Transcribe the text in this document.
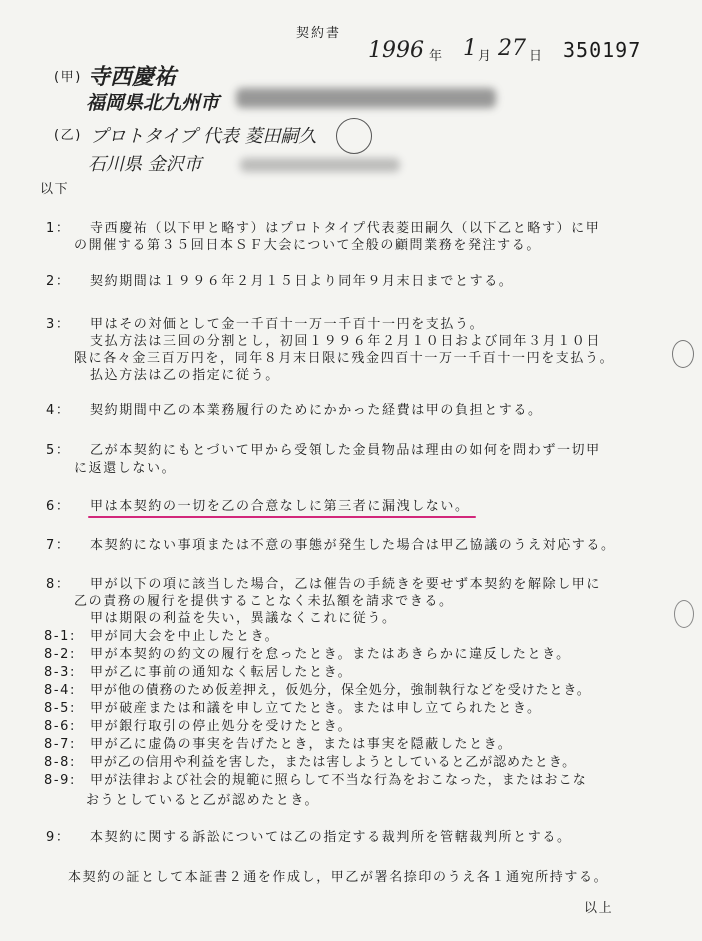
契約書
1996 年 1 月 27 日 350197
(甲) 寺西慶祐
福岡県北九州市
(乙) プロトタイプ 代表 菱田嗣久
石川県 金沢市
以下
1： 寺西慶祐（以下甲と略す）はプロトタイプ代表菱田嗣久（以下乙と略す）に甲
の開催する第３５回日本ＳＦ大会について全般の顧問業務を発注する。
2： 契約期間は１９９６年２月１５日より同年９月末日までとする。
3： 甲はその対価として金一千百十一万一千百十一円を支払う。
支払方法は三回の分割とし，初回１９９６年２月１０日および同年３月１０日
限に各々金三百万円を，同年８月末日限に残金四百十一万一千百十一円を支払う。
払込方法は乙の指定に従う。
4： 契約期間中乙の本業務履行のためにかかった経費は甲の負担とする。
5： 乙が本契約にもとづいて甲から受領した金員物品は理由の如何を問わず一切甲
に返還しない。
6： 甲は本契約の一切を乙の合意なしに第三者に漏洩しない。
7： 本契約にない事項または不意の事態が発生した場合は甲乙協議のうえ対応する。
8： 甲が以下の項に該当した場合，乙は催告の手続きを要せず本契約を解除し甲に
乙の責務の履行を提供することなく未払額を請求できる。
甲は期限の利益を失い，異議なくこれに従う。
8-1: 甲が同大会を中止したとき。
8-2: 甲が本契約の約文の履行を怠ったとき。またはあきらかに違反したとき。
8-3: 甲が乙に事前の通知なく転居したとき。
8-4: 甲が他の債務のため仮差押え，仮処分，保全処分，強制執行などを受けたとき。
8-5: 甲が破産または和議を申し立てたとき。または申し立てられたとき。
8-6: 甲が銀行取引の停止処分を受けたとき。
8-7: 甲が乙に虚偽の事実を告げたとき，または事実を隠蔽したとき。
8-8: 甲が乙の信用や利益を害した，または害しようとしていると乙が認めたとき。
8-9: 甲が法律および社会的規範に照らして不当な行為をおこなった，またはおこな
おうとしていると乙が認めたとき。
9： 本契約に関する訴訟については乙の指定する裁判所を管轄裁判所とする。
本契約の証として本証書２通を作成し，甲乙が署名捺印のうえ各１通宛所持する。
以上
